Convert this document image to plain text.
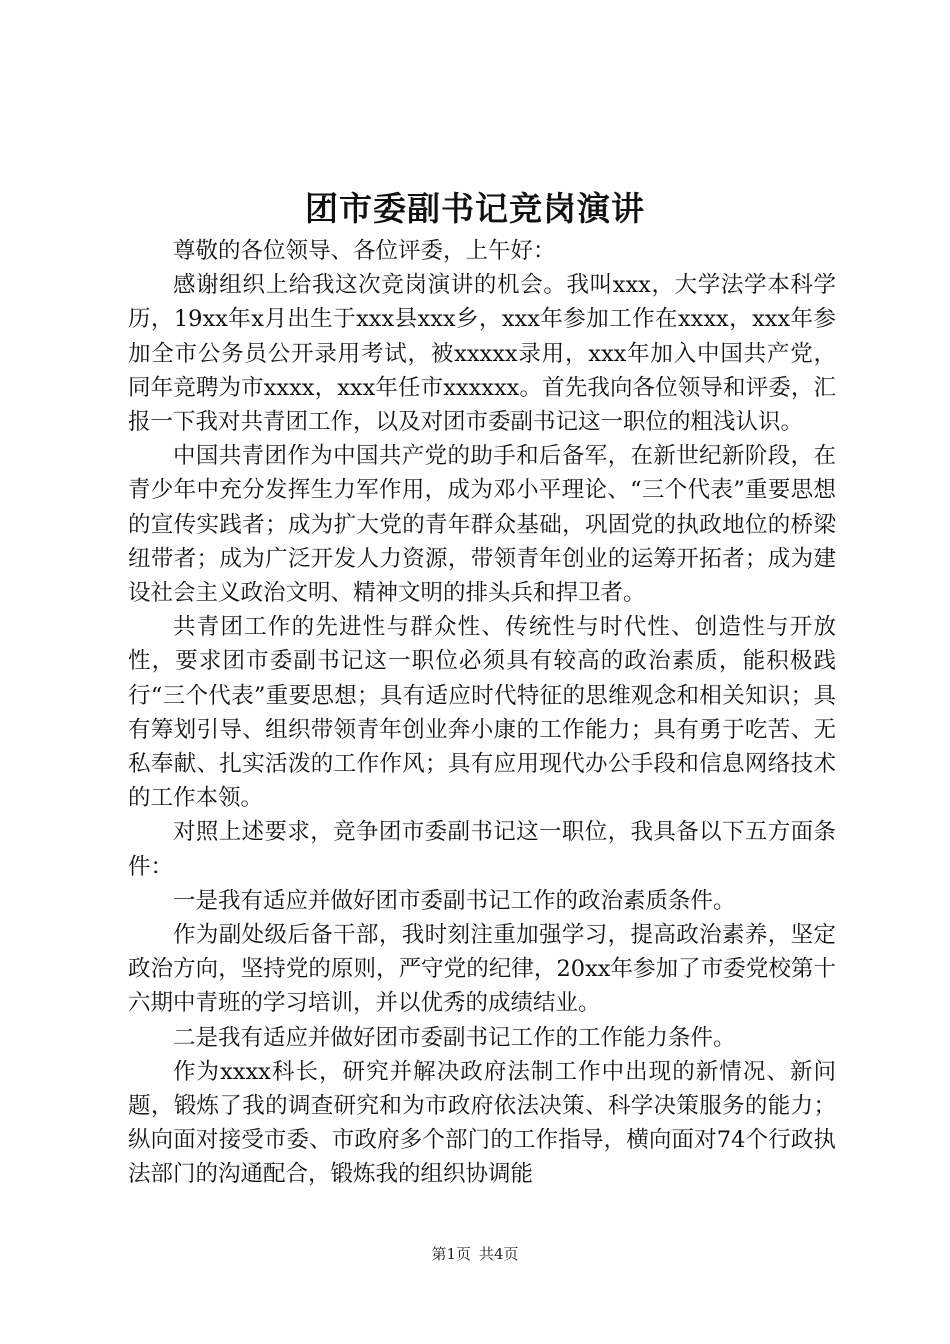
团市委副书记竞岗演讲

尊敬的各位领导、各位评委，上午好：

感谢组织上给我这次竞岗演讲的机会。我叫xxx，大学法学本科学历，19xx年x月出生于xxx县xxx乡，xxx年参加工作在xxxx，xxx年参加全市公务员公开录用考试，被xxxxx录用，xxx年加入中国共产党，同年竞聘为市xxxx，xxx年任市xxxxxx。首先我向各位领导和评委，汇报一下我对共青团工作，以及对团市委副书记这一职位的粗浅认识。

中国共青团作为中国共产党的助手和后备军，在新世纪新阶段，在青少年中充分发挥生力军作用，成为邓小平理论、“三个代表”重要思想的宣传实践者；成为扩大党的青年群众基础，巩固党的执政地位的桥梁纽带者；成为广泛开发人力资源，带领青年创业的运筹开拓者；成为建设社会主义政治文明、精神文明的排头兵和捍卫者。

共青团工作的先进性与群众性、传统性与时代性、创造性与开放性，要求团市委副书记这一职位必须具有较高的政治素质，能积极践行“三个代表”重要思想；具有适应时代特征的思维观念和相关知识；具有筹划引导、组织带领青年创业奔小康的工作能力；具有勇于吃苦、无私奉献、扎实活泼的工作作风；具有应用现代办公手段和信息网络技术的工作本领。

对照上述要求，竞争团市委副书记这一职位，我具备以下五方面条件：

一是我有适应并做好团市委副书记工作的政治素质条件。

作为副处级后备干部，我时刻注重加强学习，提高政治素养，坚定政治方向，坚持党的原则，严守党的纪律，20xx年参加了市委党校第十六期中青班的学习培训，并以优秀的成绩结业。

二是我有适应并做好团市委副书记工作的工作能力条件。

作为xxxx科长，研究并解决政府法制工作中出现的新情况、新问题，锻炼了我的调查研究和为市政府依法决策、科学决策服务的能力；纵向面对接受市委、市政府多个部门的工作指导，横向面对74个行政执法部门的沟通配合，锻炼我的组织协调能

第1页 共4页
